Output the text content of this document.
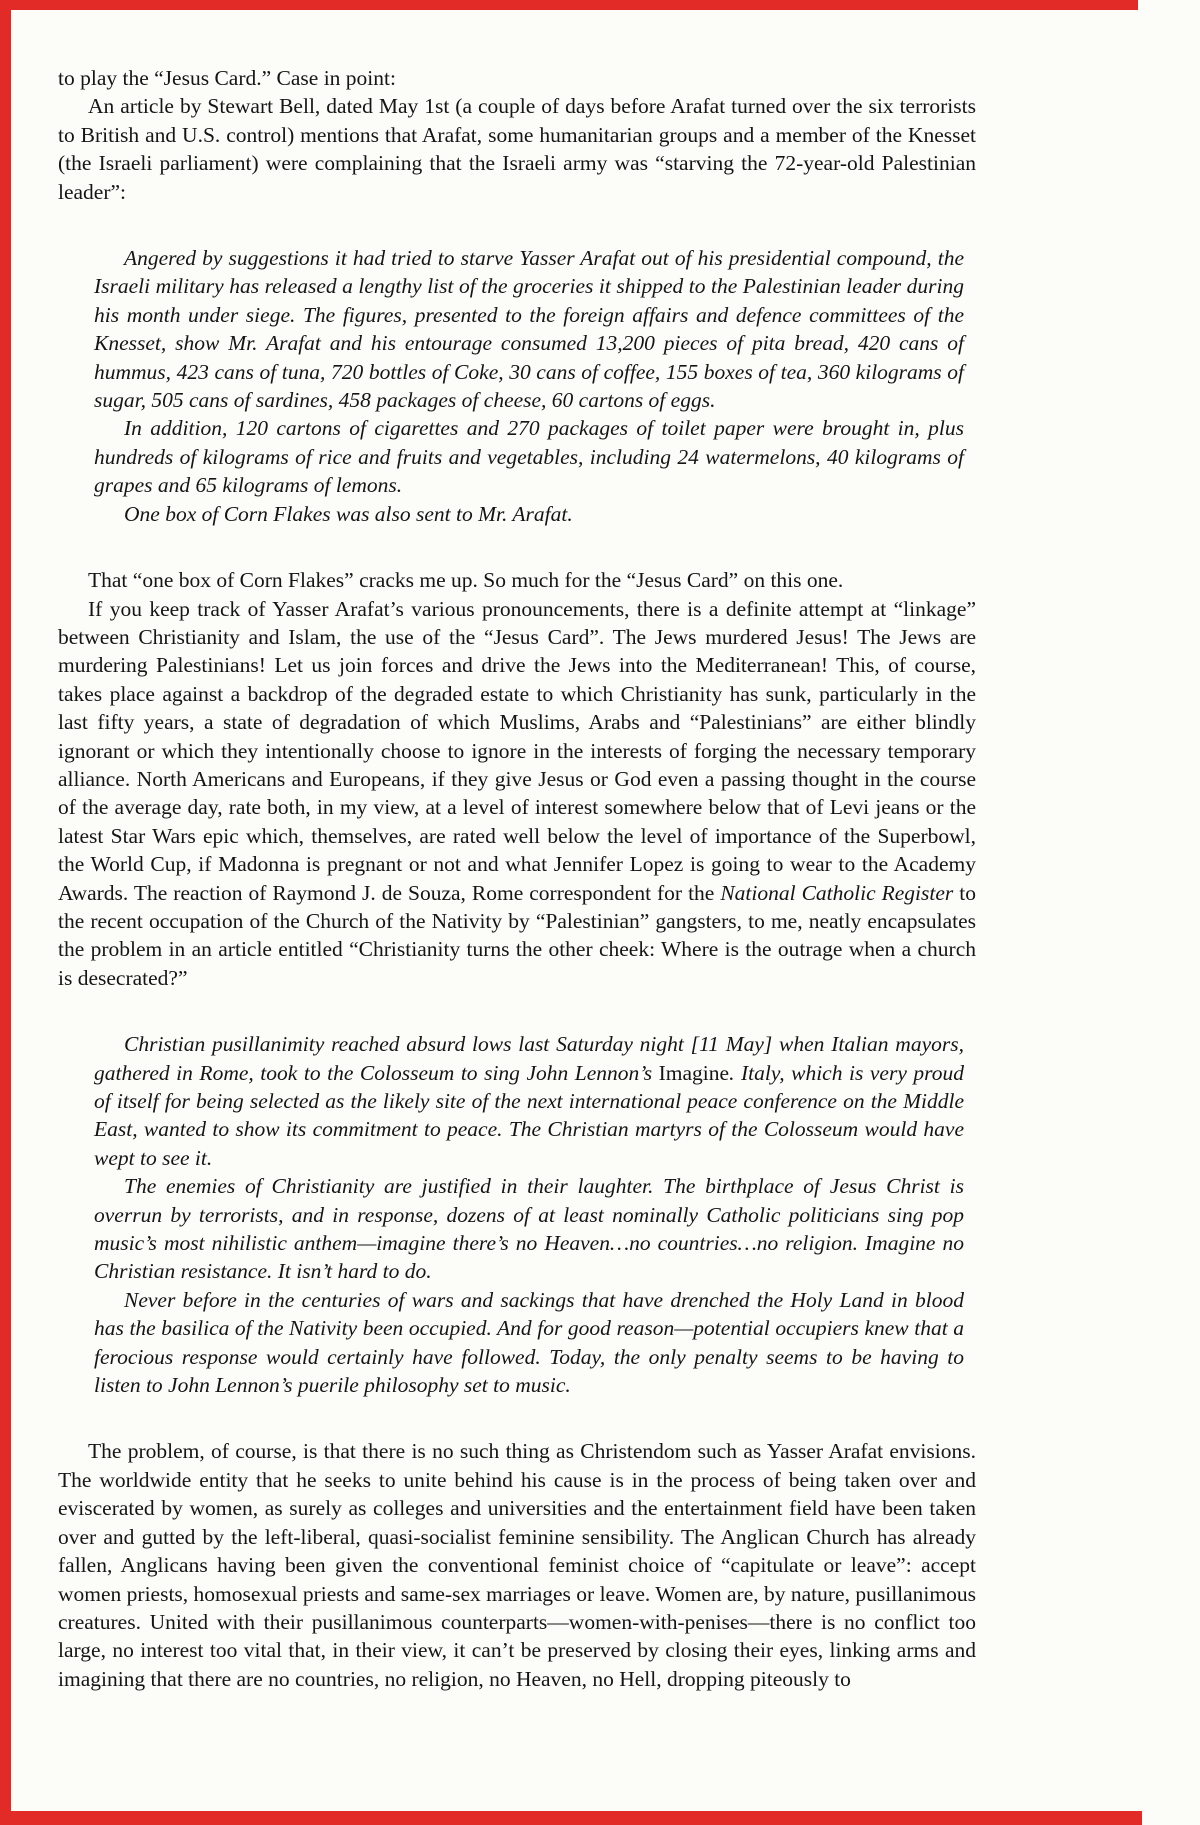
to play the “Jesus Card.” Case in point:

An article by Stewart Bell, dated May 1st (a couple of days before Arafat turned over the six terrorists to British and U.S. control) mentions that Arafat, some humanitarian groups and a member of the Knesset (the Israeli parliament) were complaining that the Israeli army was “starving the 72-year-old Palestinian leader”:

Angered by suggestions it had tried to starve Yasser Arafat out of his presidential compound, the Israeli military has released a lengthy list of the groceries it shipped to the Palestinian leader during his month under siege. The figures, presented to the foreign affairs and defence committees of the Knesset, show Mr. Arafat and his entourage consumed 13,200 pieces of pita bread, 420 cans of hummus, 423 cans of tuna, 720 bottles of Coke, 30 cans of coffee, 155 boxes of tea, 360 kilograms of sugar, 505 cans of sardines, 458 packages of cheese, 60 cartons of eggs.

In addition, 120 cartons of cigarettes and 270 packages of toilet paper were brought in, plus hundreds of kilograms of rice and fruits and vegetables, including 24 watermelons, 40 kilograms of grapes and 65 kilograms of lemons.

One box of Corn Flakes was also sent to Mr. Arafat.

That “one box of Corn Flakes” cracks me up. So much for the “Jesus Card” on this one.

If you keep track of Yasser Arafat’s various pronouncements, there is a definite attempt at “linkage” between Christianity and Islam, the use of the “Jesus Card”. The Jews murdered Jesus! The Jews are murdering Palestinians! Let us join forces and drive the Jews into the Mediterranean! This, of course, takes place against a backdrop of the degraded estate to which Christianity has sunk, particularly in the last fifty years, a state of degradation of which Muslims, Arabs and “Palestinians” are either blindly ignorant or which they intentionally choose to ignore in the interests of forging the necessary temporary alliance. North Americans and Europeans, if they give Jesus or God even a passing thought in the course of the average day, rate both, in my view, at a level of interest somewhere below that of Levi jeans or the latest Star Wars epic which, themselves, are rated well below the level of importance of the Superbowl, the World Cup, if Madonna is pregnant or not and what Jennifer Lopez is going to wear to the Academy Awards. The reaction of Raymond J. de Souza, Rome correspondent for the National Catholic Register to the recent occupation of the Church of the Nativity by “Palestinian” gangsters, to me, neatly encapsulates the problem in an article entitled “Christianity turns the other cheek: Where is the outrage when a church is desecrated?”

Christian pusillanimity reached absurd lows last Saturday night [11 May] when Italian mayors, gathered in Rome, took to the Colosseum to sing John Lennon’s Imagine. Italy, which is very proud of itself for being selected as the likely site of the next international peace conference on the Middle East, wanted to show its commitment to peace. The Christian martyrs of the Colosseum would have wept to see it.

The enemies of Christianity are justified in their laughter. The birthplace of Jesus Christ is overrun by terrorists, and in response, dozens of at least nominally Catholic politicians sing pop music’s most nihilistic anthem—imagine there’s no Heaven…no countries…no religion. Imagine no Christian resistance. It isn’t hard to do.

Never before in the centuries of wars and sackings that have drenched the Holy Land in blood has the basilica of the Nativity been occupied. And for good reason—potential occupiers knew that a ferocious response would certainly have followed. Today, the only penalty seems to be having to listen to John Lennon’s puerile philosophy set to music.

The problem, of course, is that there is no such thing as Christendom such as Yasser Arafat envisions. The worldwide entity that he seeks to unite behind his cause is in the process of being taken over and eviscerated by women, as surely as colleges and universities and the entertainment field have been taken over and gutted by the left-liberal, quasi-socialist feminine sensibility. The Anglican Church has already fallen, Anglicans having been given the conventional feminist choice of “capitulate or leave”: accept women priests, homosexual priests and same-sex marriages or leave. Women are, by nature, pusillanimous creatures. United with their pusillanimous counterparts—women-with-penises—there is no conflict too large, no interest too vital that, in their view, it can’t be preserved by closing their eyes, linking arms and imagining that there are no countries, no religion, no Heaven, no Hell, dropping piteously to
